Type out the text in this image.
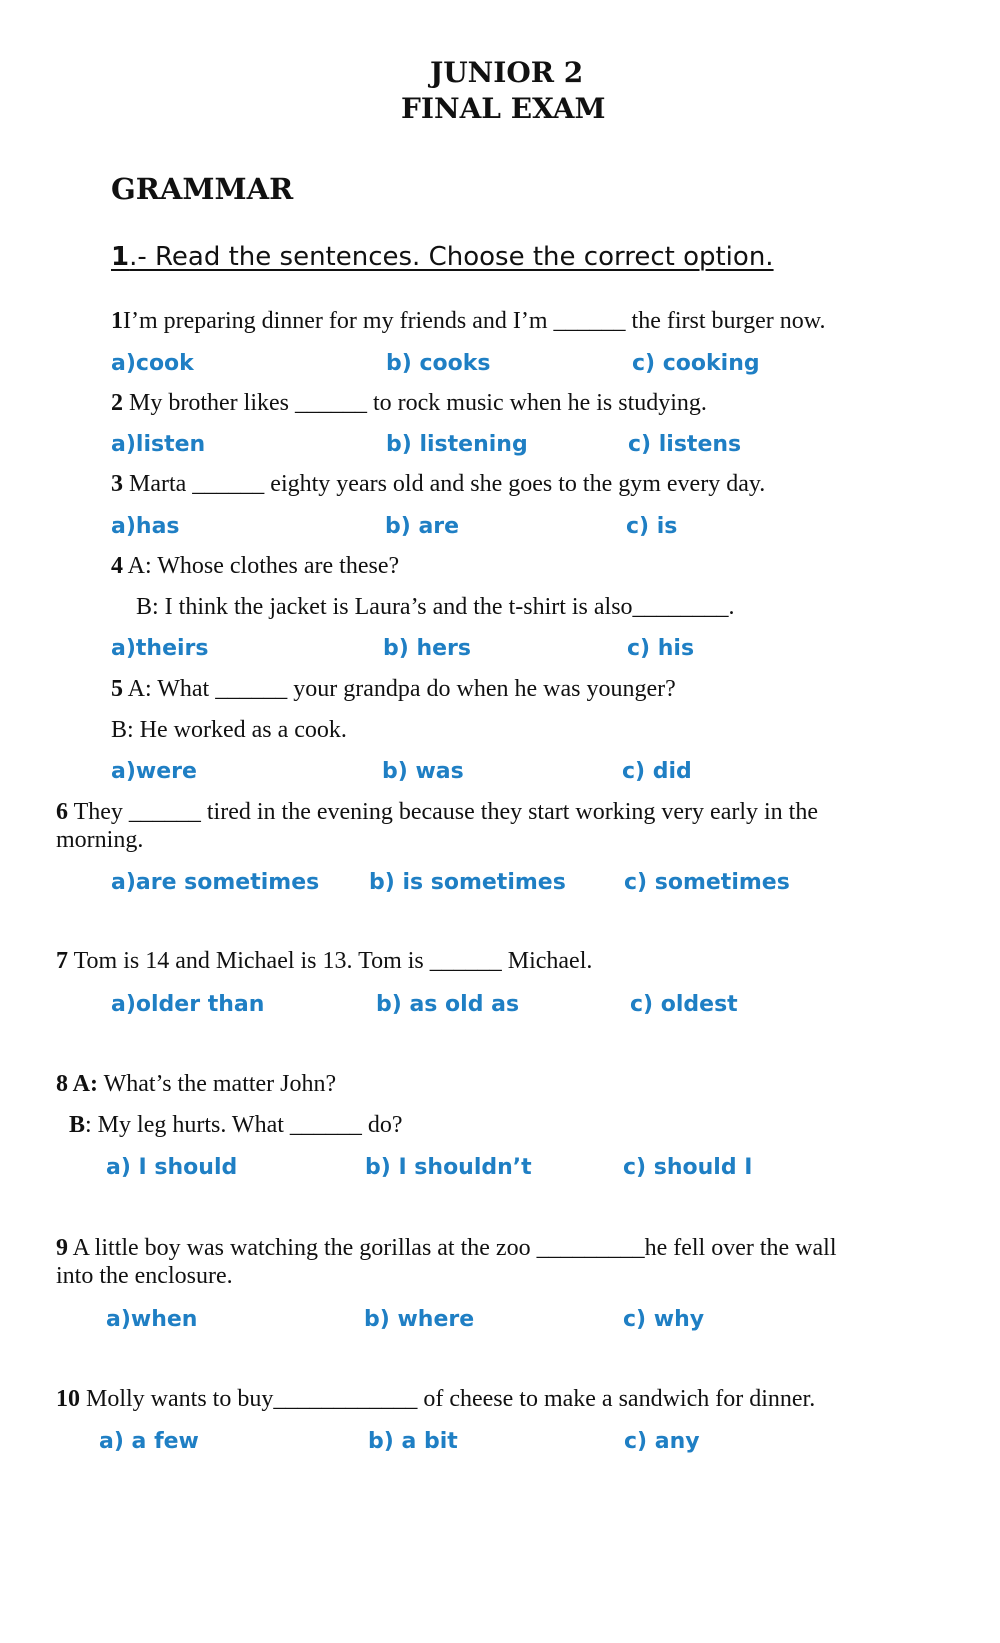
JUNIOR 2
FINAL EXAM
GRAMMAR
1.- Read the sentences. Choose the correct option.
1I’m preparing dinner for my friends and I’m ______ the first burger now.
a)cook	b) cooks	c) cooking
2 My brother likes ______ to rock music when he is studying.
a)listen	b) listening	c) listens
3 Marta ______ eighty years old and she goes to the gym every day.
a)has	b) are	c) is
4 A: Whose clothes are these?
B: I think the jacket is Laura’s and the t-shirt is also________.
a)theirs	b) hers	c) his
5 A: What ______ your grandpa do when he was younger?
B: He worked as a cook.
a)were	b) was	c) did
6 They ______ tired in the evening because they start working very early in the
morning.
a)are sometimes b) is sometimes	c) sometimes
7 Tom is 14 and Michael is 13. Tom is ______ Michael.
a)older than	b) as old as	c) oldest
8 A: What’s the matter John?
B: My leg hurts. What ______ do?
a) I should	b) I shouldn’t	c) should I
9 A little boy was watching the gorillas at the zoo _________he fell over the wall
into the enclosure.
a)when	b) where	c) why
10 Molly wants to buy____________ of cheese to make a sandwich for dinner.
a) a few	b) a bit	c) any
